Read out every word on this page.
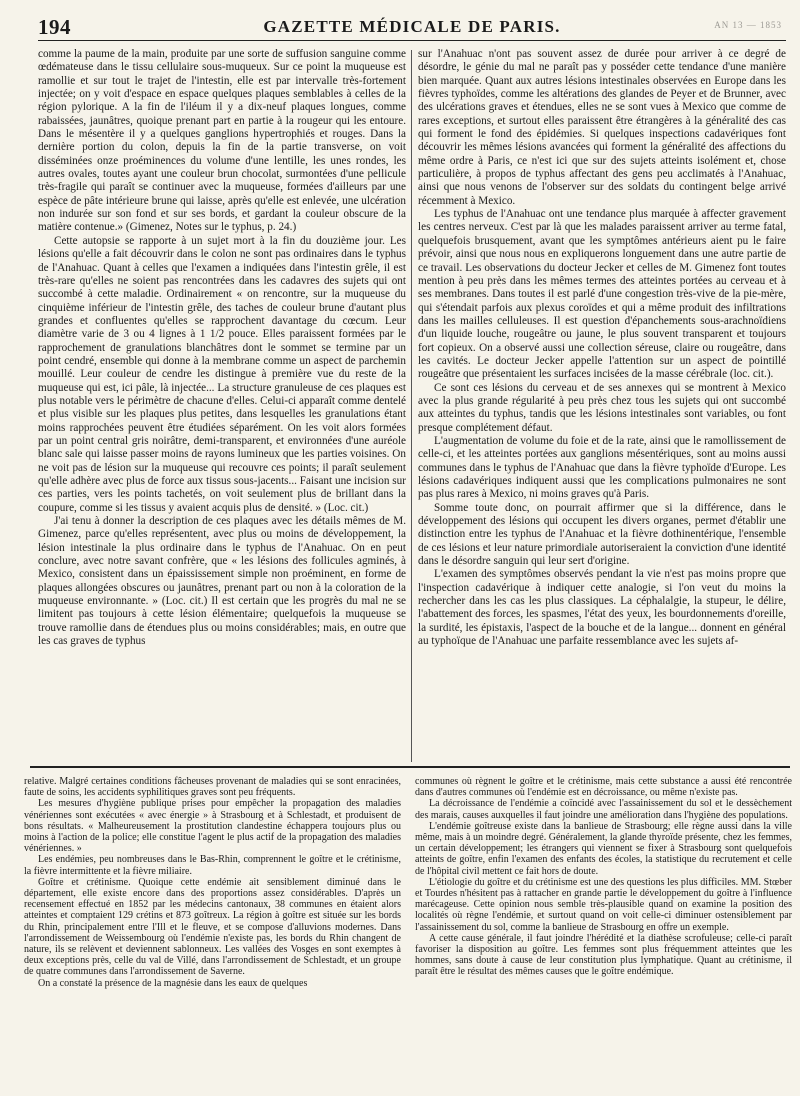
194	GAZETTE MÉDICALE DE PARIS.	AN 13 — 1853

comme la paume de la main, produite par une sorte de suffusion sanguine comme œdémateuse dans le tissu cellulaire sous-muqueux. Sur ce point la muqueuse est ramollie et sur tout le trajet de l'intestin, elle est par intervalle très-fortement injectée; on y voit d'espace en espace quelques plaques semblables à celles de la région pylorique. A la fin de l'iléum il y a dix-neuf plaques longues, comme rabaissées, jaunâtres, quoique prenant part en partie à la rougeur qui les entoure. Dans le mésentère il y a quelques ganglions hypertrophiés et rouges. Dans la dernière portion du colon, depuis la fin de la partie transverse, on voit disséminées onze proéminences du volume d'une lentille, les unes rondes, les autres ovales, toutes ayant une couleur brun chocolat, surmontées d'une pellicule très-fragile qui paraît se continuer avec la muqueuse, formées d'ailleurs par une espèce de pâte intérieure brune qui laisse, après qu'elle est enlevée, une ulcération non indurée sur son fond et sur ses bords, et gardant la couleur obscure de la matière contenue.» (Gimenez, Notes sur le typhus, p. 24.)

Cette autopsie se rapporte à un sujet mort à la fin du douzième jour. Les lésions qu'elle a fait découvrir dans le colon ne sont pas ordinaires dans le typhus de l'Anahuac. Quant à celles que l'examen a indiquées dans l'intestin grêle, il est très-rare qu'elles ne soient pas rencontrées dans les cadavres des sujets qui ont succombé à cette maladie. Ordinairement « on rencontre, sur la muqueuse du cinquième inférieur de l'intestin grêle, des taches de couleur brune d'autant plus grandes et confluentes qu'elles se rapprochent davantage du cœcum. Leur diamètre varie de 3 ou 4 lignes à 1 1/2 pouce. Elles paraissent formées par le rapprochement de granulations blanchâtres dont le sommet se termine par un point cendré, ensemble qui donne à la membrane comme un aspect de parchemin mouillé. Leur couleur de cendre les distingue à première vue du reste de la muqueuse qui est, ici pâle, là injectée... La structure granuleuse de ces plaques est plus notable vers le périmètre de chacune d'elles. Celui-ci apparaît comme dentelé et plus visible sur les plaques plus petites, dans lesquelles les granulations étant moins rapprochées peuvent être étudiées séparément. On les voit alors formées par un point central gris noirâtre, demi-transparent, et environnées d'une auréole blanc sale qui laisse passer moins de rayons lumineux que les parties voisines. On ne voit pas de lésion sur la muqueuse qui recouvre ces points; il paraît seulement qu'elle adhère avec plus de force aux tissus sous-jacents... Faisant une incision sur ces parties, vers les points tachetés, on voit seulement plus de brillant dans la coupure, comme si les tissus y avaient acquis plus de densité. » (Loc. cit.)

J'ai tenu à donner la description de ces plaques avec les détails mêmes de M. Gimenez, parce qu'elles représentent, avec plus ou moins de développement, la lésion intestinale la plus ordinaire dans le typhus de l'Anahuac. On en peut conclure, avec notre savant confrère, que « les lésions des follicules agminés, à Mexico, consistent dans un épaississement simple non proéminent, en forme de plaques allongées obscures ou jaunâtres, prenant part ou non à la coloration de la muqueuse environnante. » (Loc. cit.) Il est certain que les progrès du mal ne se limitent pas toujours à cette lésion élémentaire; quelquefois la muqueuse se trouve ramollie dans de étendues plus ou moins considérables; mais, en outre que les cas graves de typhus

sur l'Anahuac n'ont pas souvent assez de durée pour arriver à ce degré de désordre, le génie du mal ne paraît pas y posséder cette tendance d'une manière bien marquée. Quant aux autres lésions intestinales observées en Europe dans les fièvres typhoïdes, comme les altérations des glandes de Peyer et de Brunner, avec des ulcérations graves et étendues, elles ne se sont vues à Mexico que comme de rares exceptions, et surtout elles paraissent être étrangères à la généralité des cas qui forment le fond des épidémies. Si quelques inspections cadavériques font découvrir les mêmes lésions avancées qui forment la généralité des affections du même ordre à Paris, ce n'est ici que sur des sujets atteints isolément et, chose particulière, à propos de typhus affectant des gens peu acclimatés à l'Anahuac, ainsi que nous venons de l'observer sur des soldats du contingent belge arrivé récemment à Mexico.

Les typhus de l'Anahuac ont une tendance plus marquée à affecter gravement les centres nerveux. C'est par là que les malades paraissent arriver au terme fatal, quelquefois brusquement, avant que les symptômes antérieurs aient pu le faire prévoir, ainsi que nous nous en expliquerons longuement dans une autre partie de ce travail. Les observations du docteur Jecker et celles de M. Gimenez font toutes mention à peu près dans les mêmes termes des atteintes portées au cerveau et à ses membranes. Dans toutes il est parlé d'une congestion très-vive de la pie-mère, qui s'étendait parfois aux plexus coroïdes et qui a même produit des infiltrations dans les mailles celluleuses. Il est question d'épanchements sous-arachnoïdiens d'un liquide louche, rougeâtre ou jaune, le plus souvent transparent et toujours fort copieux. On a observé aussi une collection séreuse, claire ou rougeâtre, dans les cavités. Le docteur Jecker appelle l'attention sur un aspect de pointillé rougeâtre que présentaient les surfaces incisées de la masse cérébrale (loc. cit.).

Ce sont ces lésions du cerveau et de ses annexes qui se montrent à Mexico avec la plus grande régularité à peu près chez tous les sujets qui ont succombé aux atteintes du typhus, tandis que les lésions intestinales sont variables, ou font presque complétement défaut.

L'augmentation de volume du foie et de la rate, ainsi que le ramollissement de celle-ci, et les atteintes portées aux ganglions mésentériques, sont au moins aussi communes dans le typhus de l'Anahuac que dans la fièvre typhoïde d'Europe. Les lésions cadavériques indiquent aussi que les complications pulmonaires ne sont pas plus rares à Mexico, ni moins graves qu'à Paris.

Somme toute donc, on pourrait affirmer que si la différence, dans le développement des lésions qui occupent les divers organes, permet d'établir une distinction entre les typhus de l'Anahuac et la fièvre dothinentérique, l'ensemble de ces lésions et leur nature primordiale autoriseraient la conviction d'une identité dans le désordre sanguin qui leur sert d'origine.

L'examen des symptômes observés pendant la vie n'est pas moins propre que l'inspection cadavérique à indiquer cette analogie, si l'on veut du moins la rechercher dans les cas les plus classiques. La céphalalgie, la stupeur, le délire, l'abattement des forces, les spasmes, l'état des yeux, les bourdonnements d'oreille, la surdité, les épistaxis, l'aspect de la bouche et de la langue... donnent en général au typhoïque de l'Anahuac une parfaite ressemblance avec les sujets af-

relative. Malgré certaines conditions fâcheuses provenant de maladies qui se sont enracinées, faute de soins, les accidents syphilitiques graves sont peu fréquents.

Les mesures d'hygiène publique prises pour empêcher la propagation des maladies vénériennes sont exécutées « avec énergie » à Strasbourg et à Schlestadt, et produisent de bons résultats. « Malheureusement la prostitution clandestine échappera toujours plus ou moins à l'action de la police; elle constitue l'agent le plus actif de la propagation des maladies vénériennes. »

Les endémies, peu nombreuses dans le Bas-Rhin, comprennent le goître et le crétinisme, la fièvre intermittente et la fièvre miliaire.

Goître et crétinisme. Quoique cette endémie ait sensiblement diminué dans le département, elle existe encore dans des proportions assez considérables. D'après un recensement effectué en 1852 par les médecins cantonaux, 38 communes en étaient alors atteintes et comptaient 129 crétins et 873 goîtreux. La région à goître est située sur les bords du Rhin, principalement entre l'Ill et le fleuve, et se compose d'alluvions modernes. Dans l'arrondissement de Weissembourg où l'endémie n'existe pas, les bords du Rhin changent de nature, ils se relèvent et deviennent sablonneux. Les vallées des Vosges en sont exemptes à deux exceptions près, celle du val de Villé, dans l'arrondissement de Schlestadt, et un groupe de quatre communes dans l'arrondissement de Saverne.

On a constaté la présence de la magnésie dans les eaux de quelques

communes où règnent le goître et le crétinisme, mais cette substance a aussi été rencontrée dans d'autres communes où l'endémie est en décroissance, ou même n'existe pas.

La décroissance de l'endémie a coïncidé avec l'assainissement du sol et le dessèchement des marais, causes auxquelles il faut joindre une amélioration dans l'hygiène des populations.

L'endémie goîtreuse existe dans la banlieue de Strasbourg; elle règne aussi dans la ville même, mais à un moindre degré. Généralement, la glande thyroïde présente, chez les femmes, un certain développement; les étrangers qui viennent se fixer à Strasbourg sont quelquefois atteints de goître, enfin l'examen des enfants des écoles, la statistique du recrutement et celle de l'hôpital civil mettent ce fait hors de doute.

L'étiologie du goître et du crétinisme est une des questions les plus difficiles. MM. Stœber et Tourdes n'hésitent pas à rattacher en grande partie le développement du goître à l'influence marécageuse. Cette opinion nous semble très-plausible quand on examine la position des localités où règne l'endémie, et surtout quand on voit celle-ci diminuer ostensiblement par l'assainissement du sol, comme la banlieue de Strasbourg en offre un exemple.

A cette cause générale, il faut joindre l'hérédité et la diathèse scrofuleuse; celle-ci paraît favoriser la disposition au goître. Les femmes sont plus fréquemment atteintes que les hommes, sans doute à cause de leur constitution plus lymphatique. Quant au crétinisme, il paraît être le résultat des mêmes causes que le goître endémique.
